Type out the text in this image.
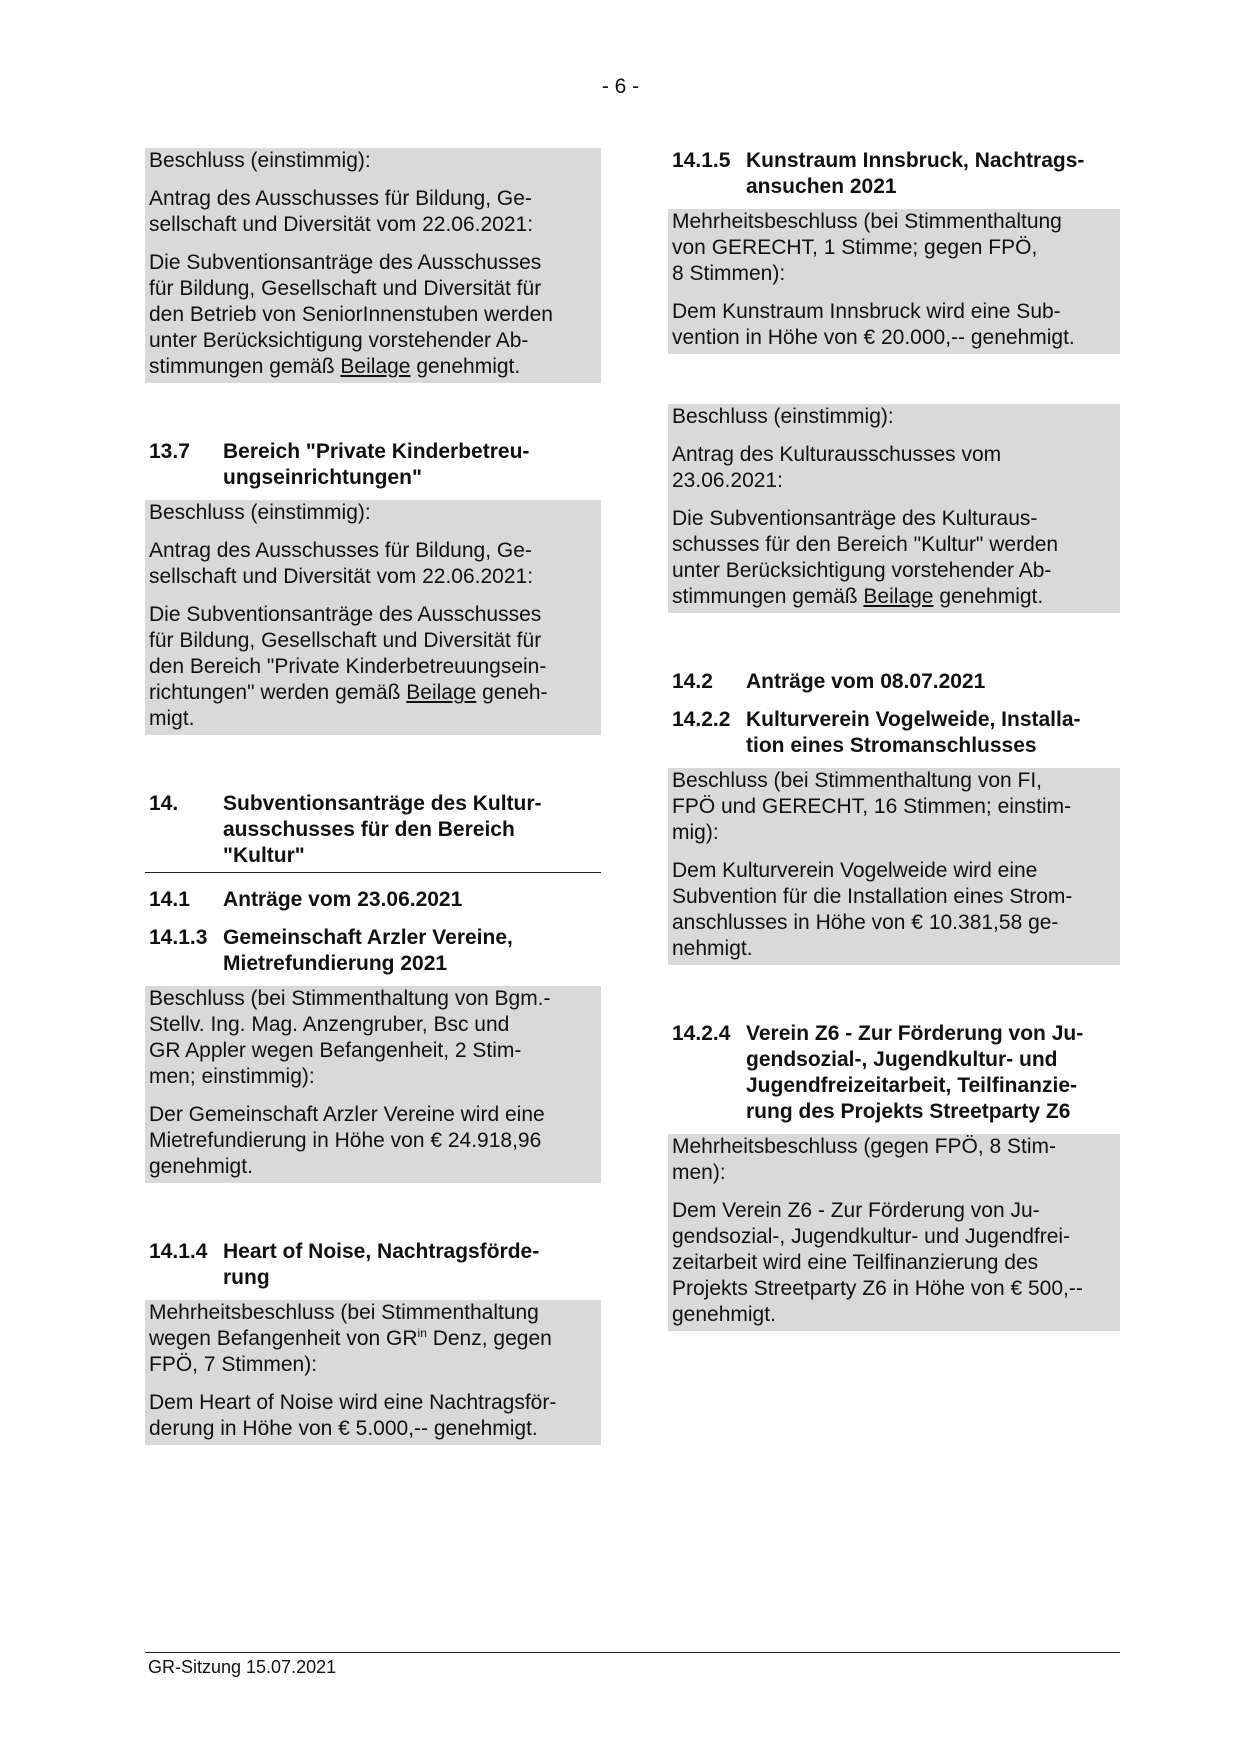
- 6 -

Beschluss (einstimmig):

Antrag des Ausschusses für Bildung, Ge-
sellschaft und Diversität vom 22.06.2021:

Die Subventionsanträge des Ausschusses
für Bildung, Gesellschaft und Diversität für
den Betrieb von SeniorInnenstuben werden
unter Berücksichtigung vorstehender Ab-
stimmungen gemäß Beilage genehmigt.

13.7	Bereich "Private Kinderbetreu-
ungseinrichtungen"

Beschluss (einstimmig):

Antrag des Ausschusses für Bildung, Ge-
sellschaft und Diversität vom 22.06.2021:

Die Subventionsanträge des Ausschusses
für Bildung, Gesellschaft und Diversität für
den Bereich "Private Kinderbetreuungsein-
richtungen" werden gemäß Beilage geneh-
migt.

14.	Subventionsanträge des Kultur-
ausschusses für den Bereich
"Kultur"
14.1	Anträge vom 23.06.2021
14.1.3 Gemeinschaft Arzler Vereine,
Mietrefundierung 2021

Beschluss (bei Stimmenthaltung von Bgm.-
Stellv. Ing. Mag. Anzengruber, Bsc und
GR Appler wegen Befangenheit, 2 Stim-
men; einstimmig):

Der Gemeinschaft Arzler Vereine wird eine
Mietrefundierung in Höhe von € 24.918,96
genehmigt.

14.1.4 Heart of Noise, Nachtragsförde-
rung

Mehrheitsbeschluss (bei Stimmenthaltung
wegen Befangenheit von $GR^{in}$ Denz, gegen
FPÖ, 7 Stimmen):

Dem Heart of Noise wird eine Nachtragsför-
derung in Höhe von € 5.000,-- genehmigt.

14.1.5 Kunstraum Innsbruck, Nachtrags-
ansuchen 2021

Mehrheitsbeschluss (bei Stimmenthaltung
von GERECHT, 1 Stimme; gegen FPÖ,
8 Stimmen):

Dem Kunstraum Innsbruck wird eine Sub-
vention in Höhe von € 20.000,-- genehmigt.

Beschluss (einstimmig):

Antrag des Kulturausschusses vom
23.06.2021:

Die Subventionsanträge des Kulturaus-
schusses für den Bereich "Kultur" werden
unter Berücksichtigung vorstehender Ab-
stimmungen gemäß Beilage genehmigt.

14.2	Anträge vom 08.07.2021
14.2.2 Kulturverein Vogelweide, Installa-
tion eines Stromanschlusses

Beschluss (bei Stimmenthaltung von FI,
FPÖ und GERECHT, 16 Stimmen; einstim-
mig):

Dem Kulturverein Vogelweide wird eine
Subvention für die Installation eines Strom-
anschlusses in Höhe von € 10.381,58 ge-
nehmigt.

14.2.4 Verein Z6 - Zur Förderung von Ju-
gendsozial-, Jugendkultur- und
Jugendfreizeitarbeit, Teilfinanzie-
rung des Projekts Streetparty Z6

Mehrheitsbeschluss (gegen FPÖ, 8 Stim-
men):

Dem Verein Z6 - Zur Förderung von Ju-
gendsozial-, Jugendkultur- und Jugendfrei-
zeitarbeit wird eine Teilfinanzierung des
Projekts Streetparty Z6 in Höhe von € 500,--
genehmigt.

GR-Sitzung 15.07.2021
